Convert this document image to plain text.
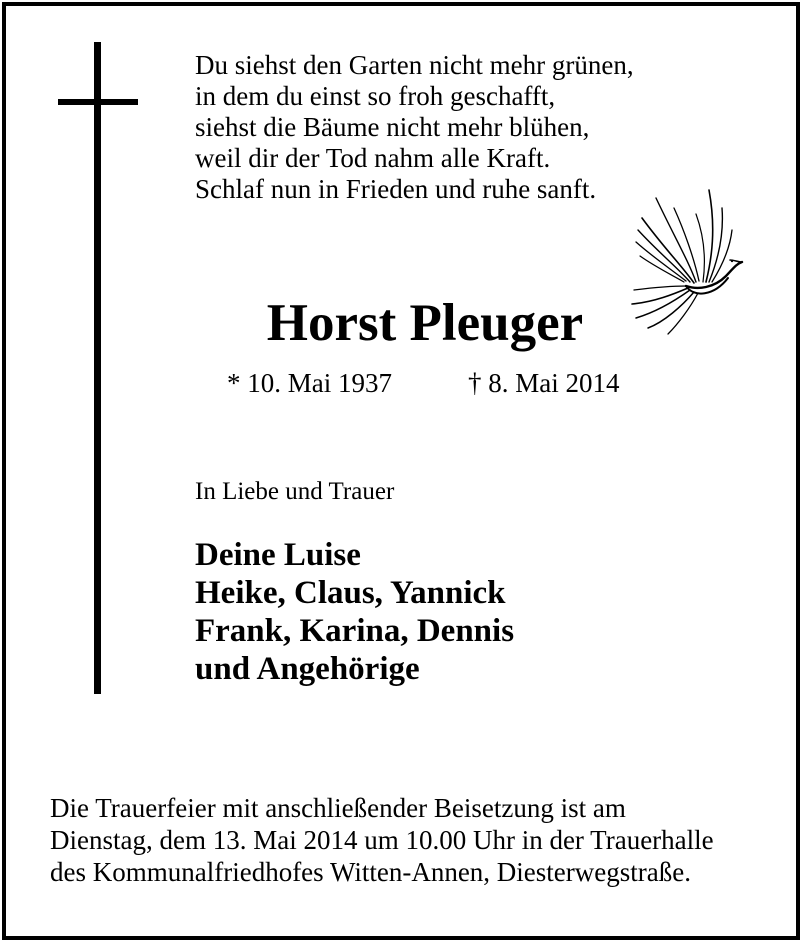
Du siehst den Garten nicht mehr grünen,
in dem du einst so froh geschafft,
siehst die Bäume nicht mehr blühen,
weil dir der Tod nahm alle Kraft.
Schlaf nun in Frieden und ruhe sanft.
Horst Pleuger
* 10. Mai 1937	† 8. Mai 2014
In Liebe und Trauer
Deine Luise
Heike, Claus, Yannick
Frank, Karina, Dennis
und Angehörige
Die Trauerfeier mit anschließender Beisetzung ist am
Dienstag, dem 13. Mai 2014 um 10.00 Uhr in der Trauerhalle
des Kommunalfriedhofes Witten-Annen, Diesterwegstraße.
